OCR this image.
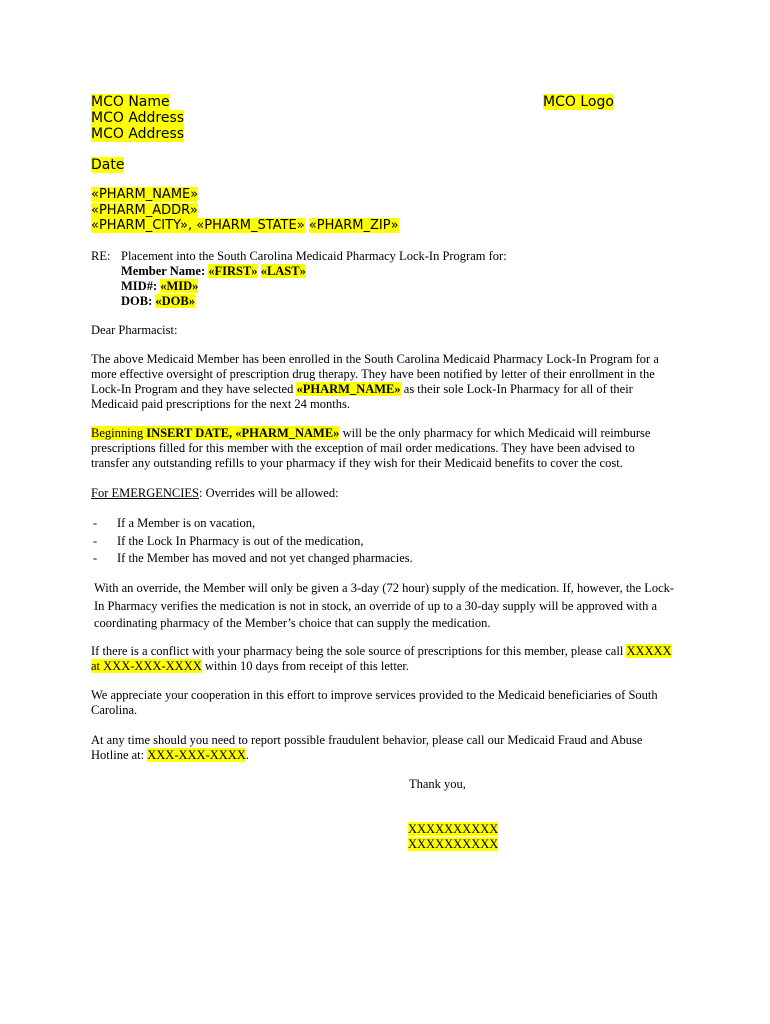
MCO Name
MCO Address
MCO Address
MCO Logo
Date
«PHARM_NAME»
«PHARM_ADDR»
«PHARM_CITY», «PHARM_STATE» «PHARM_ZIP»
RE: Placement into the South Carolina Medicaid Pharmacy Lock-In Program for:
Member Name: «FIRST» «LAST»
MID#: «MID»
DOB: «DOB»
Dear Pharmacist:
The above Medicaid Member has been enrolled in the South Carolina Medicaid Pharmacy Lock-In Program for a
more effective oversight of prescription drug therapy. They have been notified by letter of their enrollment in the
Lock-In Program and they have selected «PHARM_NAME» as their sole Lock-In Pharmacy for all of their
Medicaid paid prescriptions for the next 24 months.
Beginning INSERT DATE, «PHARM_NAME» will be the only pharmacy for which Medicaid will reimburse
prescriptions filled for this member with the exception of mail order medications. They have been advised to
transfer any outstanding refills to your pharmacy if they wish for their Medicaid benefits to cover the cost.
For EMERGENCIES: Overrides will be allowed:
- If a Member is on vacation,
- If the Lock In Pharmacy is out of the medication,
- If the Member has moved and not yet changed pharmacies.
With an override, the Member will only be given a 3-day (72 hour) supply of the medication. If, however, the Lock-
In Pharmacy verifies the medication is not in stock, an override of up to a 30-day supply will be approved with a
coordinating pharmacy of the Member’s choice that can supply the medication.
If there is a conflict with your pharmacy being the sole source of prescriptions for this member, please call XXXXX
at XXX-XXX-XXXX within 10 days from receipt of this letter.
We appreciate your cooperation in this effort to improve services provided to the Medicaid beneficiaries of South
Carolina.
At any time should you need to report possible fraudulent behavior, please call our Medicaid Fraud and Abuse
Hotline at: XXX-XXX-XXXX.
Thank you,
XXXXXXXXXX
XXXXXXXXXX
